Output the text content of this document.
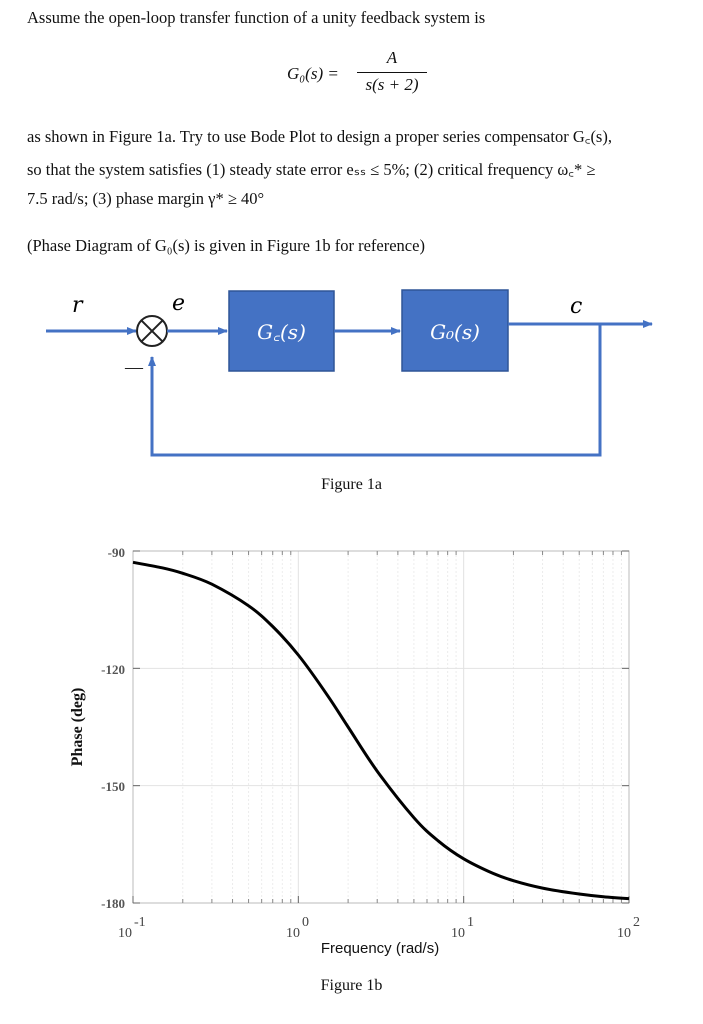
Assume the open-loop transfer function of a unity feedback system is
G₀(s) =
A
s(s + 2)
as shown in Figure 1a. Try to use Bode Plot to design a proper series compensator G꜀(s),
so that the system satisfies (1) steady state error eₛₛ ≤ 5%; (2) critical frequency ω꜀* ≥
7.5 rad/s; (3) phase margin γ* ≥ 40°
(Phase Diagram of G₀(s) is given in Figure 1b for reference)
G꜀(s)	G₀(s)
r	e	c
—
Figure 1a
-90
-120
-150
-180
10
-1
10
0
10
1
10
2
Frequency (rad/s)
Phase (deg)
Figure 1b
